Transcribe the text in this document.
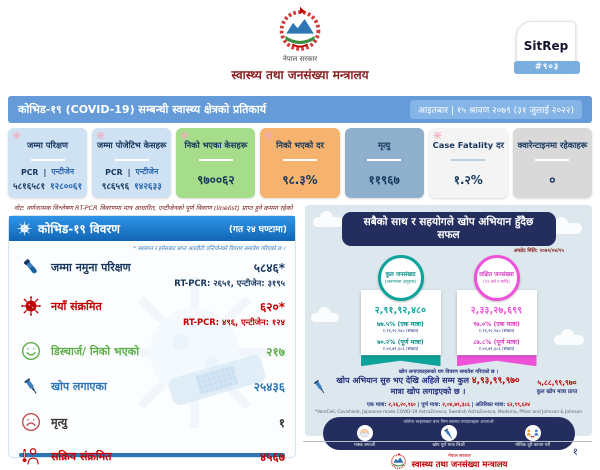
नेपाल सरकार
स्वास्थ्य तथा जनसंख्या मन्त्रालय
SitRep
#९०३
कोभिड-१९ (COVID-19) सम्बन्धी स्वास्थ्य क्षेत्रको प्रतिकार्य	आइतबार | १५ श्रावण २०७९ (३१ जुलाई २०२२)
जम्मा परिक्षण
PCR | एन्टीजेन
५८१६५८१ १२८००६१
जम्मा पोजेटिभ केसहरू
PCR | एन्टीजेन
९८६५९६ १४२६३३
निको भएका केसहरू
९७००६२
निको भएको दर
९८.३%
मृत्यु
११९६७
Case Fatality दर
१.२%
क्वारेन्टाइनमा रहेकाहरू
०
नोट: वर्णनात्मक विश्लेषण RT-PCR विवरणमा मात्र आधारित, एन्टीजेनको पूर्ण विवरण (linelist) प्राप्त हुने क्रममा रहेको
कोभिड-१९ विवरण	(गत २४ घण्टामा)
* स्थलगत र इमेलबाट प्राप्त आरडीटी एन्टिजेनको विवरण समावेश गरिएको छ ।
जम्मा नमुना परिक्षण	५८४६*
RT-PCR: २६५१, एन्टीजेन: ३१९५
नयाँ संक्रमित	६२०*
RT-PCR: ४९६, एन्टीजेन: १२४
डिस्चार्ज/ निको भएको	२१७
खोप लगाएका	२५४३६
मृत्यु	१
सक्रिय संक्रमित	४५६७
सबैको साथ र सहयोगले खोप अभियान हुँदैछ सफल
अपडेट मिति: २०७९/०४/१५
कुल जनसंख्या
(जनगणना अनुसार)
२,९१,९२,४८०
७७.५% (एक मात्रा)
२,२६,२०,९६० (संख्या)
७०.२% (पूर्ण मात्रा)
२,०४,७९,३८६ (संख्या)
लक्षित जनसंख्या
(१२ वर्ष र माथि)
२,३३,२७,६९९
९७.०% (एक मात्रा)
२,२६,२०,९६० (संख्या)
८७.८% (पूर्ण मात्रा)
२,०४,७९,३८६ (संख्या)
खोप लगाएकाहरूको थप विवरण समावेश गरिएको छ ।
खोप अभियान सुरु भए देखि अहिले सम्म कुल ४,९३,९९,९७० मात्रा खोप लगाइएको छ ।
५,८८,९९,९७०
कुल खोप मात्रा प्राप्त
एक मात्रा: २,२६,२०,९६० | पूर्ण मात्रा: २,०४,७९,३८६ | अतिरिक्त मात्रा: ६२,९९,६२४
*VeroCell, Covishield, Japanese made COVID-19 AstraZeneca, Swedish AstraZeneca, Moderna, Pfizer and Johnson & Johnson
कोरोना भाइरसबाट बच्न निम्न स्वास्थ्य मापदण्डहरू अपनाऔं
मास्क लगाऔं	खोप पूर्ण मात्रा लिऔं	भौतिक दूरी कायम गरौं
नेपाल सरकार
स्वास्थ्य तथा जनसंख्या मन्त्रालय
१
